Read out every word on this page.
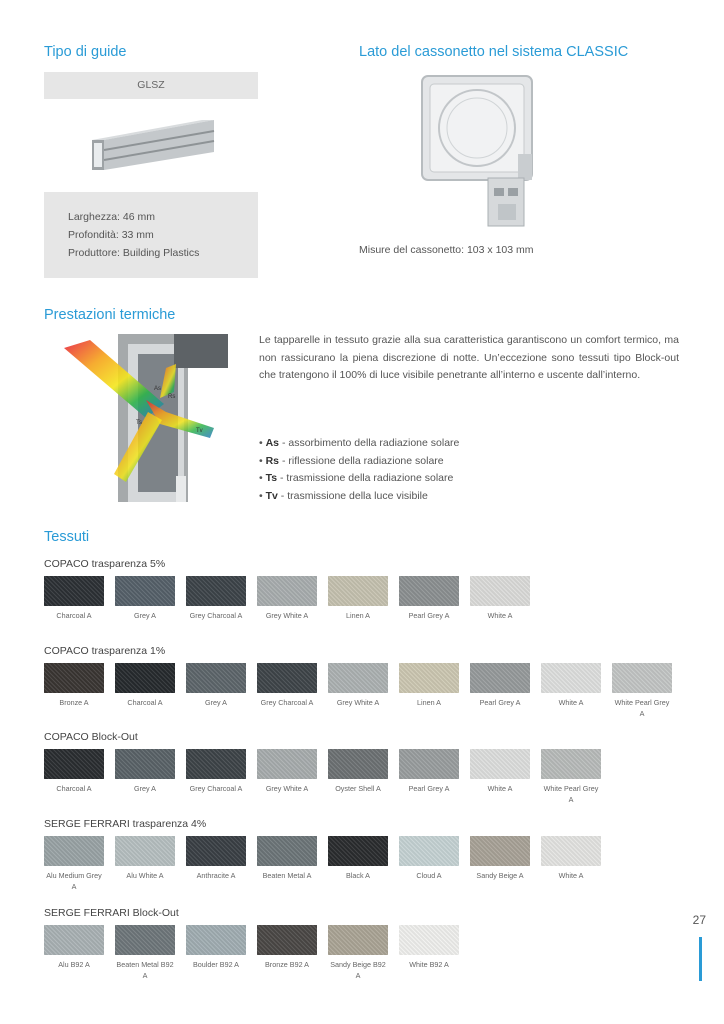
Tipo di guide
GLSZ
Larghezza: 46 mm
Profondità: 33 mm
Produttore: Building Plastics
Lato del cassonetto nel sistema CLASSIC
Misure del cassonetto: 103 x 103 mm
Prestazioni termiche
As
Rs
Ts
Tv
Le tapparelle in tessuto grazie alla sua caratteristica garantiscono un comfort termico, ma non rassicurano la piena discrezione di notte. Un’eccezione sono tessuti tipo Block-out che tratengono il 100% di luce visibile penetrante all’interno e uscente dall’interno.
• As - assorbimento della radiazione solare
• Rs - riflessione della radiazione solare
• Ts - trasmissione della radiazione solare
• Tv - trasmissione della luce visibile
Tessuti
COPACO trasparenza 5%
Charcoal A	Grey A	Grey Charcoal A	Grey White A	Linen A	Pearl Grey A	White A
COPACO trasparenza 1%
Bronze A	Charcoal A	Grey A	Grey Charcoal A	Grey White A	Linen A	Pearl Grey A	White A	White Pearl Grey A
COPACO Block-Out
Charcoal A	Grey A	Grey Charcoal A	Grey White A	Oyster Shell A	Pearl Grey A	White A	White Pearl Grey A
SERGE FERRARI trasparenza 4%
Alu Medium Grey A
Alu White A	Anthracite A	Beaten Metal A	Black A	Cloud A	Sandy Beige A	White A
SERGE FERRARI Block-Out
Alu B92 A	Beaten Metal B92 A
Boulder B92 A	Bronze B92 A	Sandy Beige B92 A
White B92 A
27
